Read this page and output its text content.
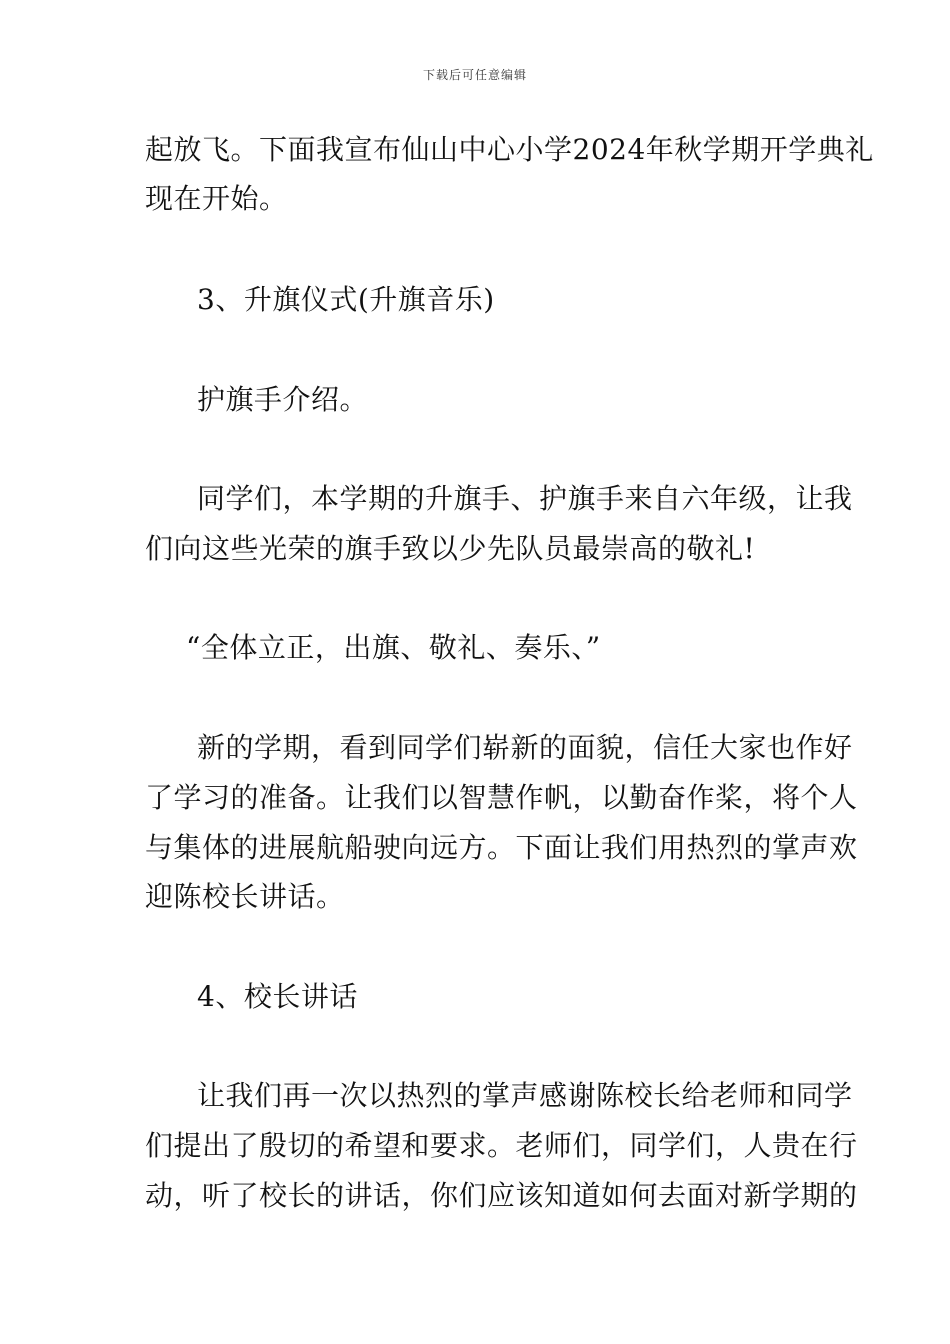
下载后可任意编辑
起放飞。下面我宣布仙山中心小学2024年秋学期开学典礼
现在开始。
3、升旗仪式(升旗音乐)
护旗手介绍。
同学们，本学期的升旗手、护旗手来自六年级，让我
们向这些光荣的旗手致以少先队员最崇高的敬礼!
“全体立正，出旗、敬礼、奏乐、”
新的学期，看到同学们崭新的面貌，信任大家也作好
了学习的准备。让我们以智慧作帆，以勤奋作桨，将个人
与集体的进展航船驶向远方。下面让我们用热烈的掌声欢
迎陈校长讲话。
4、校长讲话
让我们再一次以热烈的掌声感谢陈校长给老师和同学
们提出了殷切的希望和要求。老师们，同学们，人贵在行
动，听了校长的讲话，你们应该知道如何去面对新学期的
